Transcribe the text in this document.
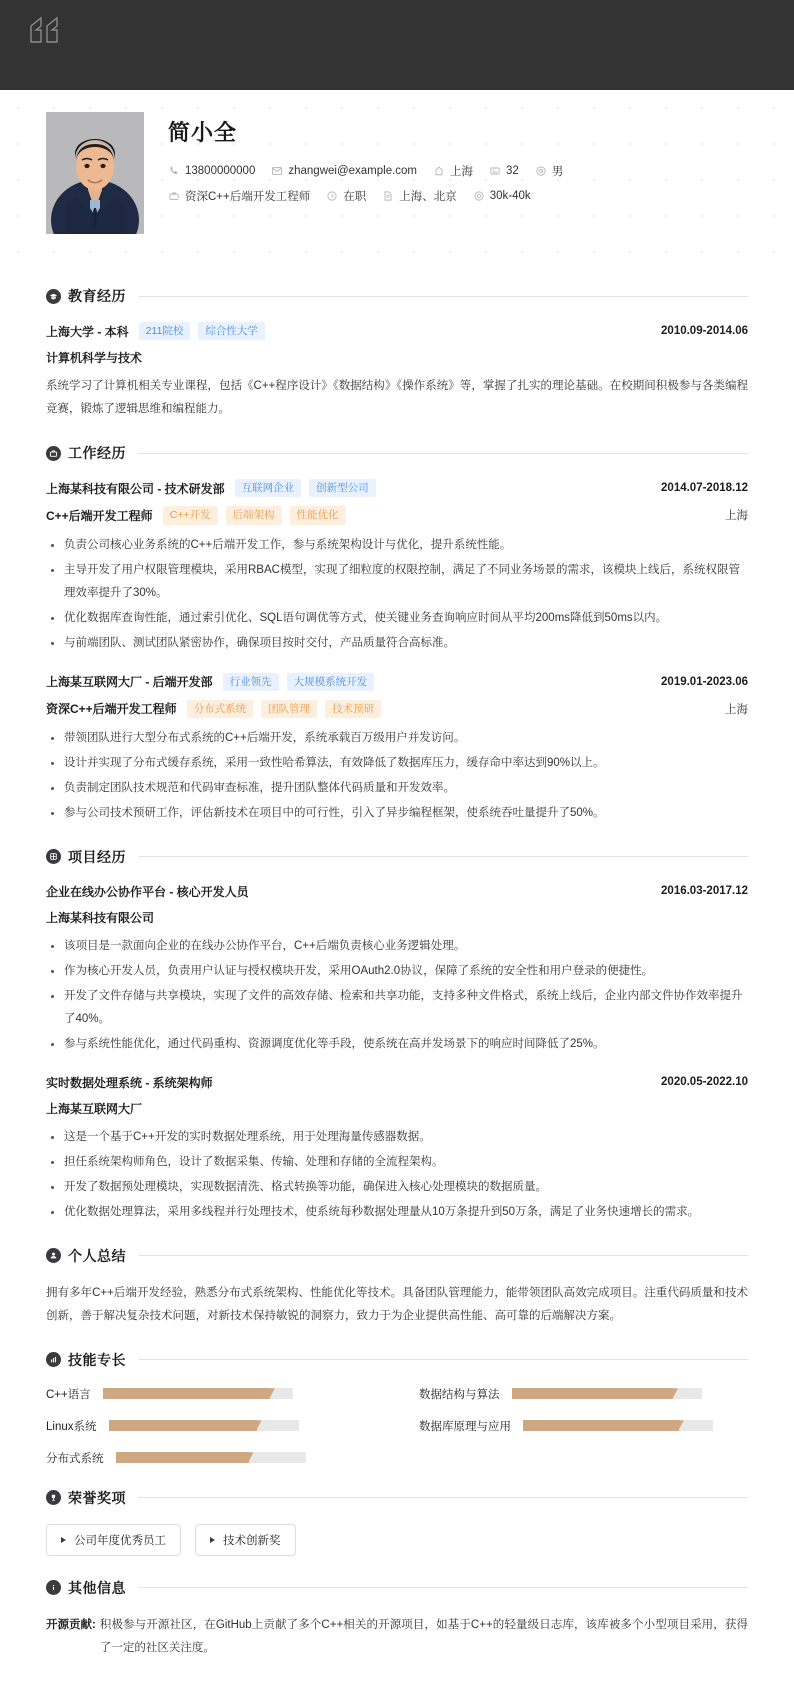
简小全
13800000000	zhangwei@example.com	上海	32	男
资深C++后端开发工程师	在职	上海、北京	30k-40k
教育经历
上海大学 - 本科	211院校	综合性大学	2010.09-2014.06
计算机科学与技术
系统学习了计算机相关专业课程，包括《C++程序设计》《数据结构》《操作系统》等，掌握了扎实的理论基础。在校期间积极参与各类编程竞赛，锻炼了逻辑思维和编程能力。
工作经历
上海某科技有限公司 - 技术研发部	互联网企业	创新型公司	2014.07-2018.12
C++后端开发工程师	C++开发	后端架构	性能优化	上海
负责公司核心业务系统的C++后端开发工作，参与系统架构设计与优化，提升系统性能。
主导开发了用户权限管理模块，采用RBAC模型，实现了细粒度的权限控制，满足了不同业务场景的需求，该模块上线后，系统权限管理效率提升了30%。
优化数据库查询性能，通过索引优化、SQL语句调优等方式，使关键业务查询响应时间从平均200ms降低到50ms以内。
与前端团队、测试团队紧密协作，确保项目按时交付，产品质量符合高标准。
上海某互联网大厂 - 后端开发部	行业领先	大规模系统开发	2019.01-2023.06
资深C++后端开发工程师	分布式系统	团队管理	技术预研	上海
带领团队进行大型分布式系统的C++后端开发，系统承载百万级用户并发访问。
设计并实现了分布式缓存系统，采用一致性哈希算法，有效降低了数据库压力，缓存命中率达到90%以上。
负责制定团队技术规范和代码审查标准，提升团队整体代码质量和开发效率。
参与公司技术预研工作，评估新技术在项目中的可行性，引入了异步编程框架，使系统吞吐量提升了50%。
项目经历
企业在线办公协作平台 - 核心开发人员	2016.03-2017.12
上海某科技有限公司
该项目是一款面向企业的在线办公协作平台，C++后端负责核心业务逻辑处理。
作为核心开发人员，负责用户认证与授权模块开发，采用OAuth2.0协议，保障了系统的安全性和用户登录的便捷性。
开发了文件存储与共享模块，实现了文件的高效存储、检索和共享功能，支持多种文件格式，系统上线后，企业内部文件协作效率提升了40%。
参与系统性能优化，通过代码重构、资源调度优化等手段，使系统在高并发场景下的响应时间降低了25%。
实时数据处理系统 - 系统架构师	2020.05-2022.10
上海某互联网大厂
这是一个基于C++开发的实时数据处理系统，用于处理海量传感器数据。
担任系统架构师角色，设计了数据采集、传输、处理和存储的全流程架构。
开发了数据预处理模块，实现数据清洗、格式转换等功能，确保进入核心处理模块的数据质量。
优化数据处理算法，采用多线程并行处理技术，使系统每秒数据处理量从10万条提升到50万条，满足了业务快速增长的需求。
个人总结
拥有多年C++后端开发经验，熟悉分布式系统架构、性能优化等技术。具备团队管理能力，能带领团队高效完成项目。注重代码质量和技术创新，善于解决复杂技术问题，对新技术保持敏锐的洞察力，致力于为企业提供高性能、高可靠的后端解决方案。
技能专长
C++语言	数据结构与算法
Linux系统	数据库原理与应用
分布式系统
荣誉奖项
公司年度优秀员工	技术创新奖
其他信息
开源贡献: 积极参与开源社区，在GitHub上贡献了多个C++相关的开源项目，如基于C++的轻量级日志库，该库被多个小型项目采用，获得了一定的社区关注度。
